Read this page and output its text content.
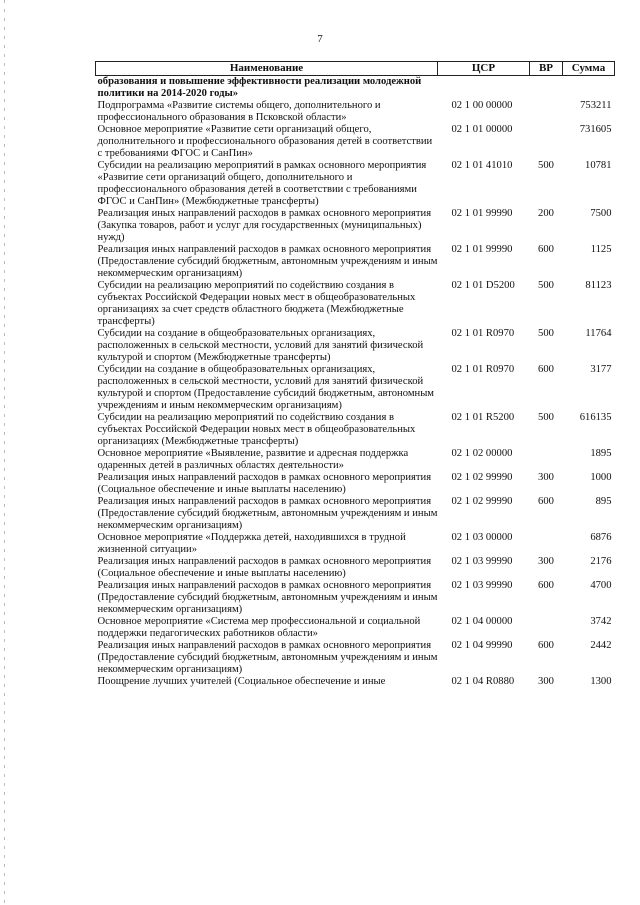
7
Наименование	ЦСР	ВР	Сумма
образования и повышение эффективности реализации молодежной политики на 2014-2020 годы»			
Подпрограмма «Развитие системы общего, дополнительного и профессионального образования в Псковской области»	02 1 00 00000		753211
Основное мероприятие «Развитие сети организаций общего, дополнительного и профессионального образования детей в соответствии с требованиями ФГОС и СанПин»	02 1 01 00000		731605
Субсидии на реализацию мероприятий в рамках основного мероприятия «Развитие сети организаций общего, дополнительного и профессионального образования детей в соответствии с требованиями ФГОС и СанПин» (Межбюджетные трансферты)	02 1 01 41010	500	10781
Реализация иных направлений расходов в рамках основного мероприятия (Закупка товаров, работ и услуг для государственных (муниципальных) нужд)	02 1 01 99990	200	7500
Реализация иных направлений расходов в рамках основного мероприятия (Предоставление субсидий бюджетным, автономным учреждениям и иным некоммерческим организациям)	02 1 01 99990	600	1125
Субсидии на реализацию мероприятий по содействию создания в субъектах Российской Федерации новых мест в общеобразовательных организациях за счет средств областного бюджета (Межбюджетные трансферты)	02 1 01 D5200	500	81123
Субсидии на создание в общеобразовательных организациях, расположенных в сельской местности, условий для занятий физической культурой и спортом (Межбюджетные трансферты)	02 1 01 R0970	500	11764
Субсидии на создание в общеобразовательных организациях, расположенных в сельской местности, условий для занятий физической культурой и спортом (Предоставление субсидий бюджетным, автономным учреждениям и иным некоммерческим организациям)	02 1 01 R0970	600	3177
Субсидии на реализацию мероприятий по содействию создания в субъектах Российской Федерации новых мест в общеобразовательных организациях (Межбюджетные трансферты)	02 1 01 R5200	500	616135
Основное мероприятие «Выявление, развитие и адресная поддержка одаренных детей в различных областях деятельности»	02 1 02 00000		1895
Реализация иных направлений расходов в рамках основного мероприятия (Социальное обеспечение и иные выплаты населению)	02 1 02 99990	300	1000
Реализация иных направлений расходов в рамках основного мероприятия (Предоставление субсидий бюджетным, автономным учреждениям и иным некоммерческим организациям)	02 1 02 99990	600	895
Основное мероприятие «Поддержка детей, находившихся в трудной жизненной ситуации»	02 1 03 00000		6876
Реализация иных направлений расходов в рамках основного мероприятия (Социальное обеспечение и иные выплаты населению)	02 1 03 99990	300	2176
Реализация иных направлений расходов в рамках основного мероприятия (Предоставление субсидий бюджетным, автономным учреждениям и иным некоммерческим организациям)	02 1 03 99990	600	4700
Основное мероприятие «Система мер профессиональной и социальной поддержки педагогических работников области»	02 1 04 00000		3742
Реализация иных направлений расходов в рамках основного мероприятия (Предоставление субсидий бюджетным, автономным учреждениям и иным некоммерческим организациям)	02 1 04 99990	600	2442
Поощрение лучших учителей (Социальное обеспечение и иные	02 1 04 R0880	300	1300
